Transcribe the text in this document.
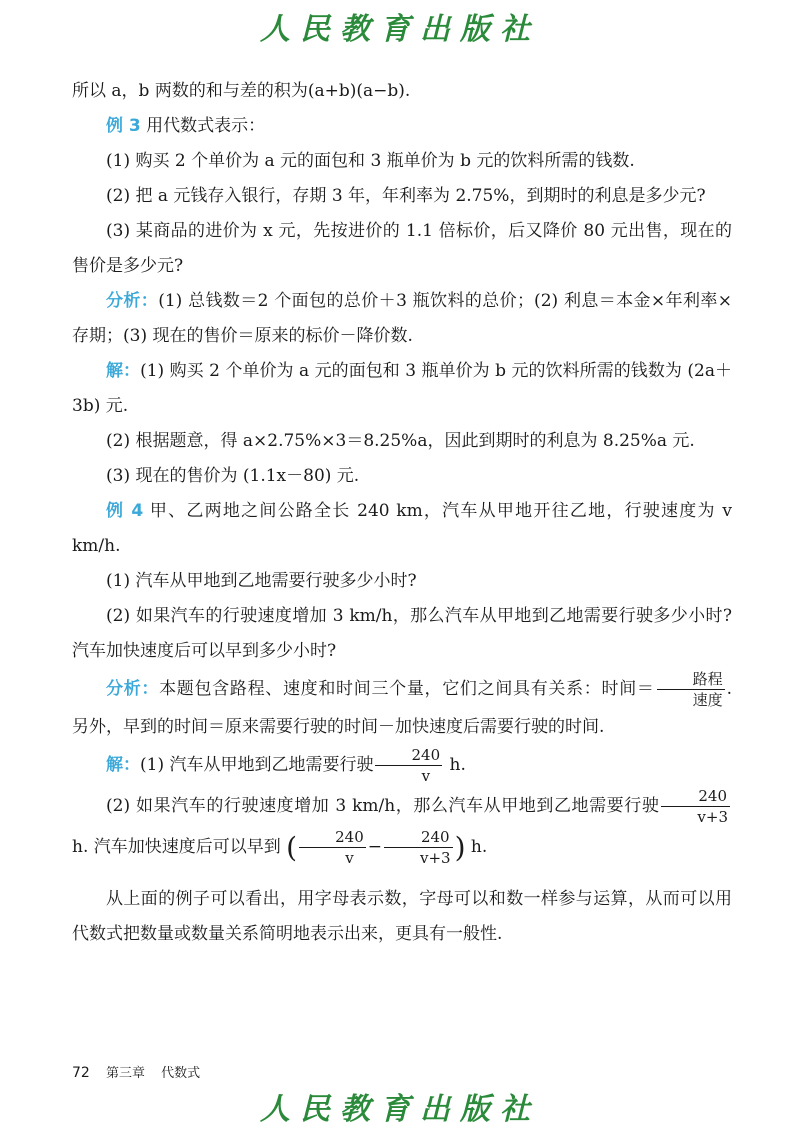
人民教育出版社

所以 a，b 两数的和与差的积为(a+b)(a−b).

例 3 用代数式表示：

(1) 购买 2 个单价为 a 元的面包和 3 瓶单价为 b 元的饮料所需的钱数.

(2) 把 a 元钱存入银行，存期 3 年，年利率为 2.75%，到期时的利息是多少元?

(3) 某商品的进价为 x 元，先按进价的 1.1 倍标价，后又降价 80 元出售，现在的售价是多少元?

分析：(1) 总钱数＝2 个面包的总价＋3 瓶饮料的总价；(2) 利息＝本金×年利率×存期；(3) 现在的售价＝原来的标价－降价数.

解：(1) 购买 2 个单价为 a 元的面包和 3 瓶单价为 b 元的饮料所需的钱数为 (2a＋3b) 元.

(2) 根据题意，得 a×2.75%×3＝8.25%a，因此到期时的利息为 8.25%a 元.

(3) 现在的售价为 (1.1x－80) 元.

例 4 甲、乙两地之间公路全长 240 km，汽车从甲地开往乙地，行驶速度为 v km/h.

(1) 汽车从甲地到乙地需要行驶多少小时?

(2) 如果汽车的行驶速度增加 3 km/h，那么汽车从甲地到乙地需要行驶多少小时? 汽车加快速度后可以早到多少小时?

分析：本题包含路程、速度和时间三个量，它们之间具有关系：时间＝ $\frac{\text{路程}}{\text{速度}}$ . 另外，早到的时间＝原来需要行驶的时间－加快速度后需要行驶的时间.

解：(1) 汽车从甲地到乙地需要行驶 $\frac{240}{v} h$.

(2) 如果汽车的行驶速度增加 3 km/h，那么汽车从甲地到乙地需要行驶 $\frac{240}{v+3}$
h. 汽车加快速度后可以早到 ( $\frac{240}{v} - \frac{240}{v+3}$ ) h.

从上面的例子可以看出，用字母表示数，字母可以和数一样参与运算，从而可以用代数式把数量或数量关系简明地表示出来，更具有一般性.

72 第三章 代数式
人民教育出版社
